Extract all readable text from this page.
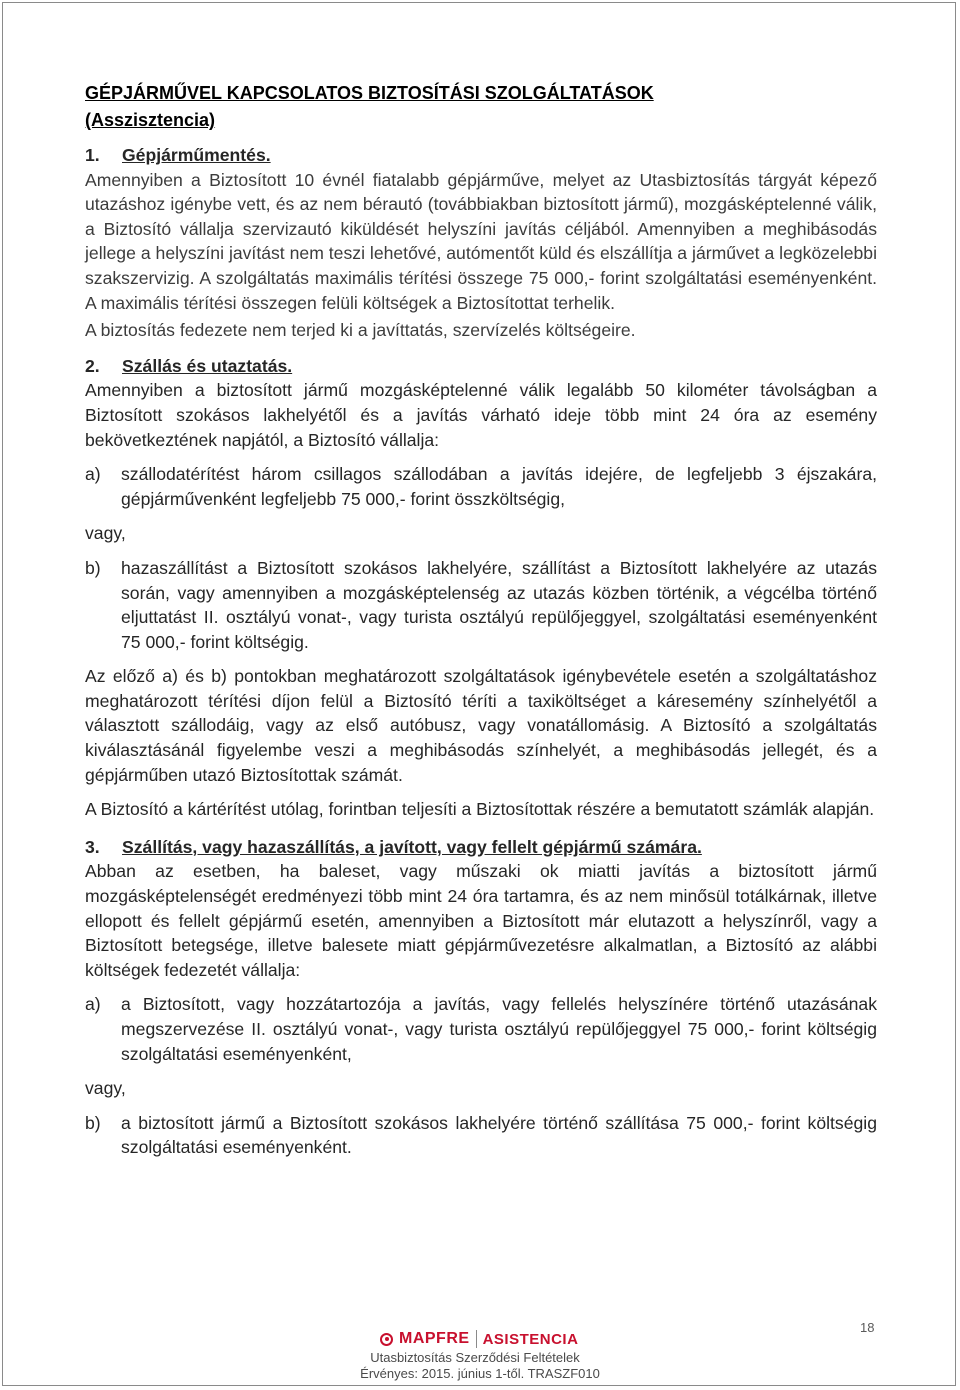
GÉPJÁRMŰVEL KAPCSOLATOS BIZTOSÍTÁSI SZOLGÁLTATÁSOK
(Asszisztencia)
1. Gépjárműmentés.

Amennyiben a Biztosított 10 évnél fiatalabb gépjárműve, melyet az Utasbiztosítás tárgyát képező utazáshoz igénybe vett, és az nem bérautó (továbbiakban biztosított jármű), mozgásképtelenné válik, a Biztosító vállalja szervizautó kiküldését helyszíni javítás céljából. Amennyiben a meghibásodás jellege a helyszíni javítást nem teszi lehetővé, autómentőt küld és elszállítja a járművet a legközelebbi szakszervizig. A szolgáltatás maximális térítési összege 75 000,- forint szolgáltatási eseményenként. A maximális térítési összegen felüli költségek a Biztosítottat terhelik.

A biztosítás fedezete nem terjed ki a javíttatás, szervízelés költségeire.

2. Szállás és utaztatás.

Amennyiben a biztosított jármű mozgásképtelenné válik legalább 50 kilométer távolságban a Biztosított szokásos lakhelyétől és a javítás várható ideje több mint 24 óra az esemény bekövetkeztének napjától, a Biztosító vállalja:

a)	szállodatérítést három csillagos szállodában a javítás idejére, de legfeljebb 3 éjszakára, gépjárművenként legfeljebb 75 000,- forint összköltségig,
vagy,
b)	hazaszállítást a Biztosított szokásos lakhelyére, szállítást a Biztosított lakhelyére az utazás során, vagy amennyiben a mozgásképtelenség az utazás közben történik, a végcélba történő eljuttatást II. osztályú vonat-, vagy turista osztályú repülőjeggyel, szolgáltatási eseményenként 75 000,- forint költségig.

Az előző a) és b) pontokban meghatározott szolgáltatások igénybevétele esetén a szolgáltatáshoz meghatározott térítési díjon felül a Biztosító téríti a taxiköltséget a káresemény színhelyétől a választott szállodáig, vagy az első autóbusz, vagy vonatállomásig. A Biztosító a szolgáltatás kiválasztásánál figyelembe veszi a meghibásodás színhelyét, a meghibásodás jellegét, és a gépjárműben utazó Biztosítottak számát.

A Biztosító a kártérítést utólag, forintban teljesíti a Biztosítottak részére a bemutatott számlák alapján.

3. Szállítás, vagy hazaszállítás, a javított, vagy fellelt gépjármű számára.

Abban az esetben, ha baleset, vagy műszaki ok miatti javítás a biztosított jármű mozgásképtelenségét eredményezi több mint 24 óra tartamra, és az nem minősül totálkárnak, illetve ellopott és fellelt gépjármű esetén, amennyiben a Biztosított már elutazott a helyszínről, vagy a Biztosított betegsége, illetve balesete miatt gépjárművezetésre alkalmatlan, a Biztosító az alábbi költségek fedezetét vállalja:

a)	a Biztosított, vagy hozzátartozója a javítás, vagy fellelés helyszínére történő utazásának megszervezése II. osztályú vonat-, vagy turista osztályú repülőjeggyel 75 000,- forint költségig szolgáltatási eseményenként,
vagy,
b)	a biztosított jármű a Biztosított szokásos lakhelyére történő szállítása 75 000,- forint költségig szolgáltatási eseményenként.
18
MAPFRE ASISTENCIA
Utasbiztosítás Szerződési Feltételek
Érvényes: 2015. június 1-től. TRASZF010
